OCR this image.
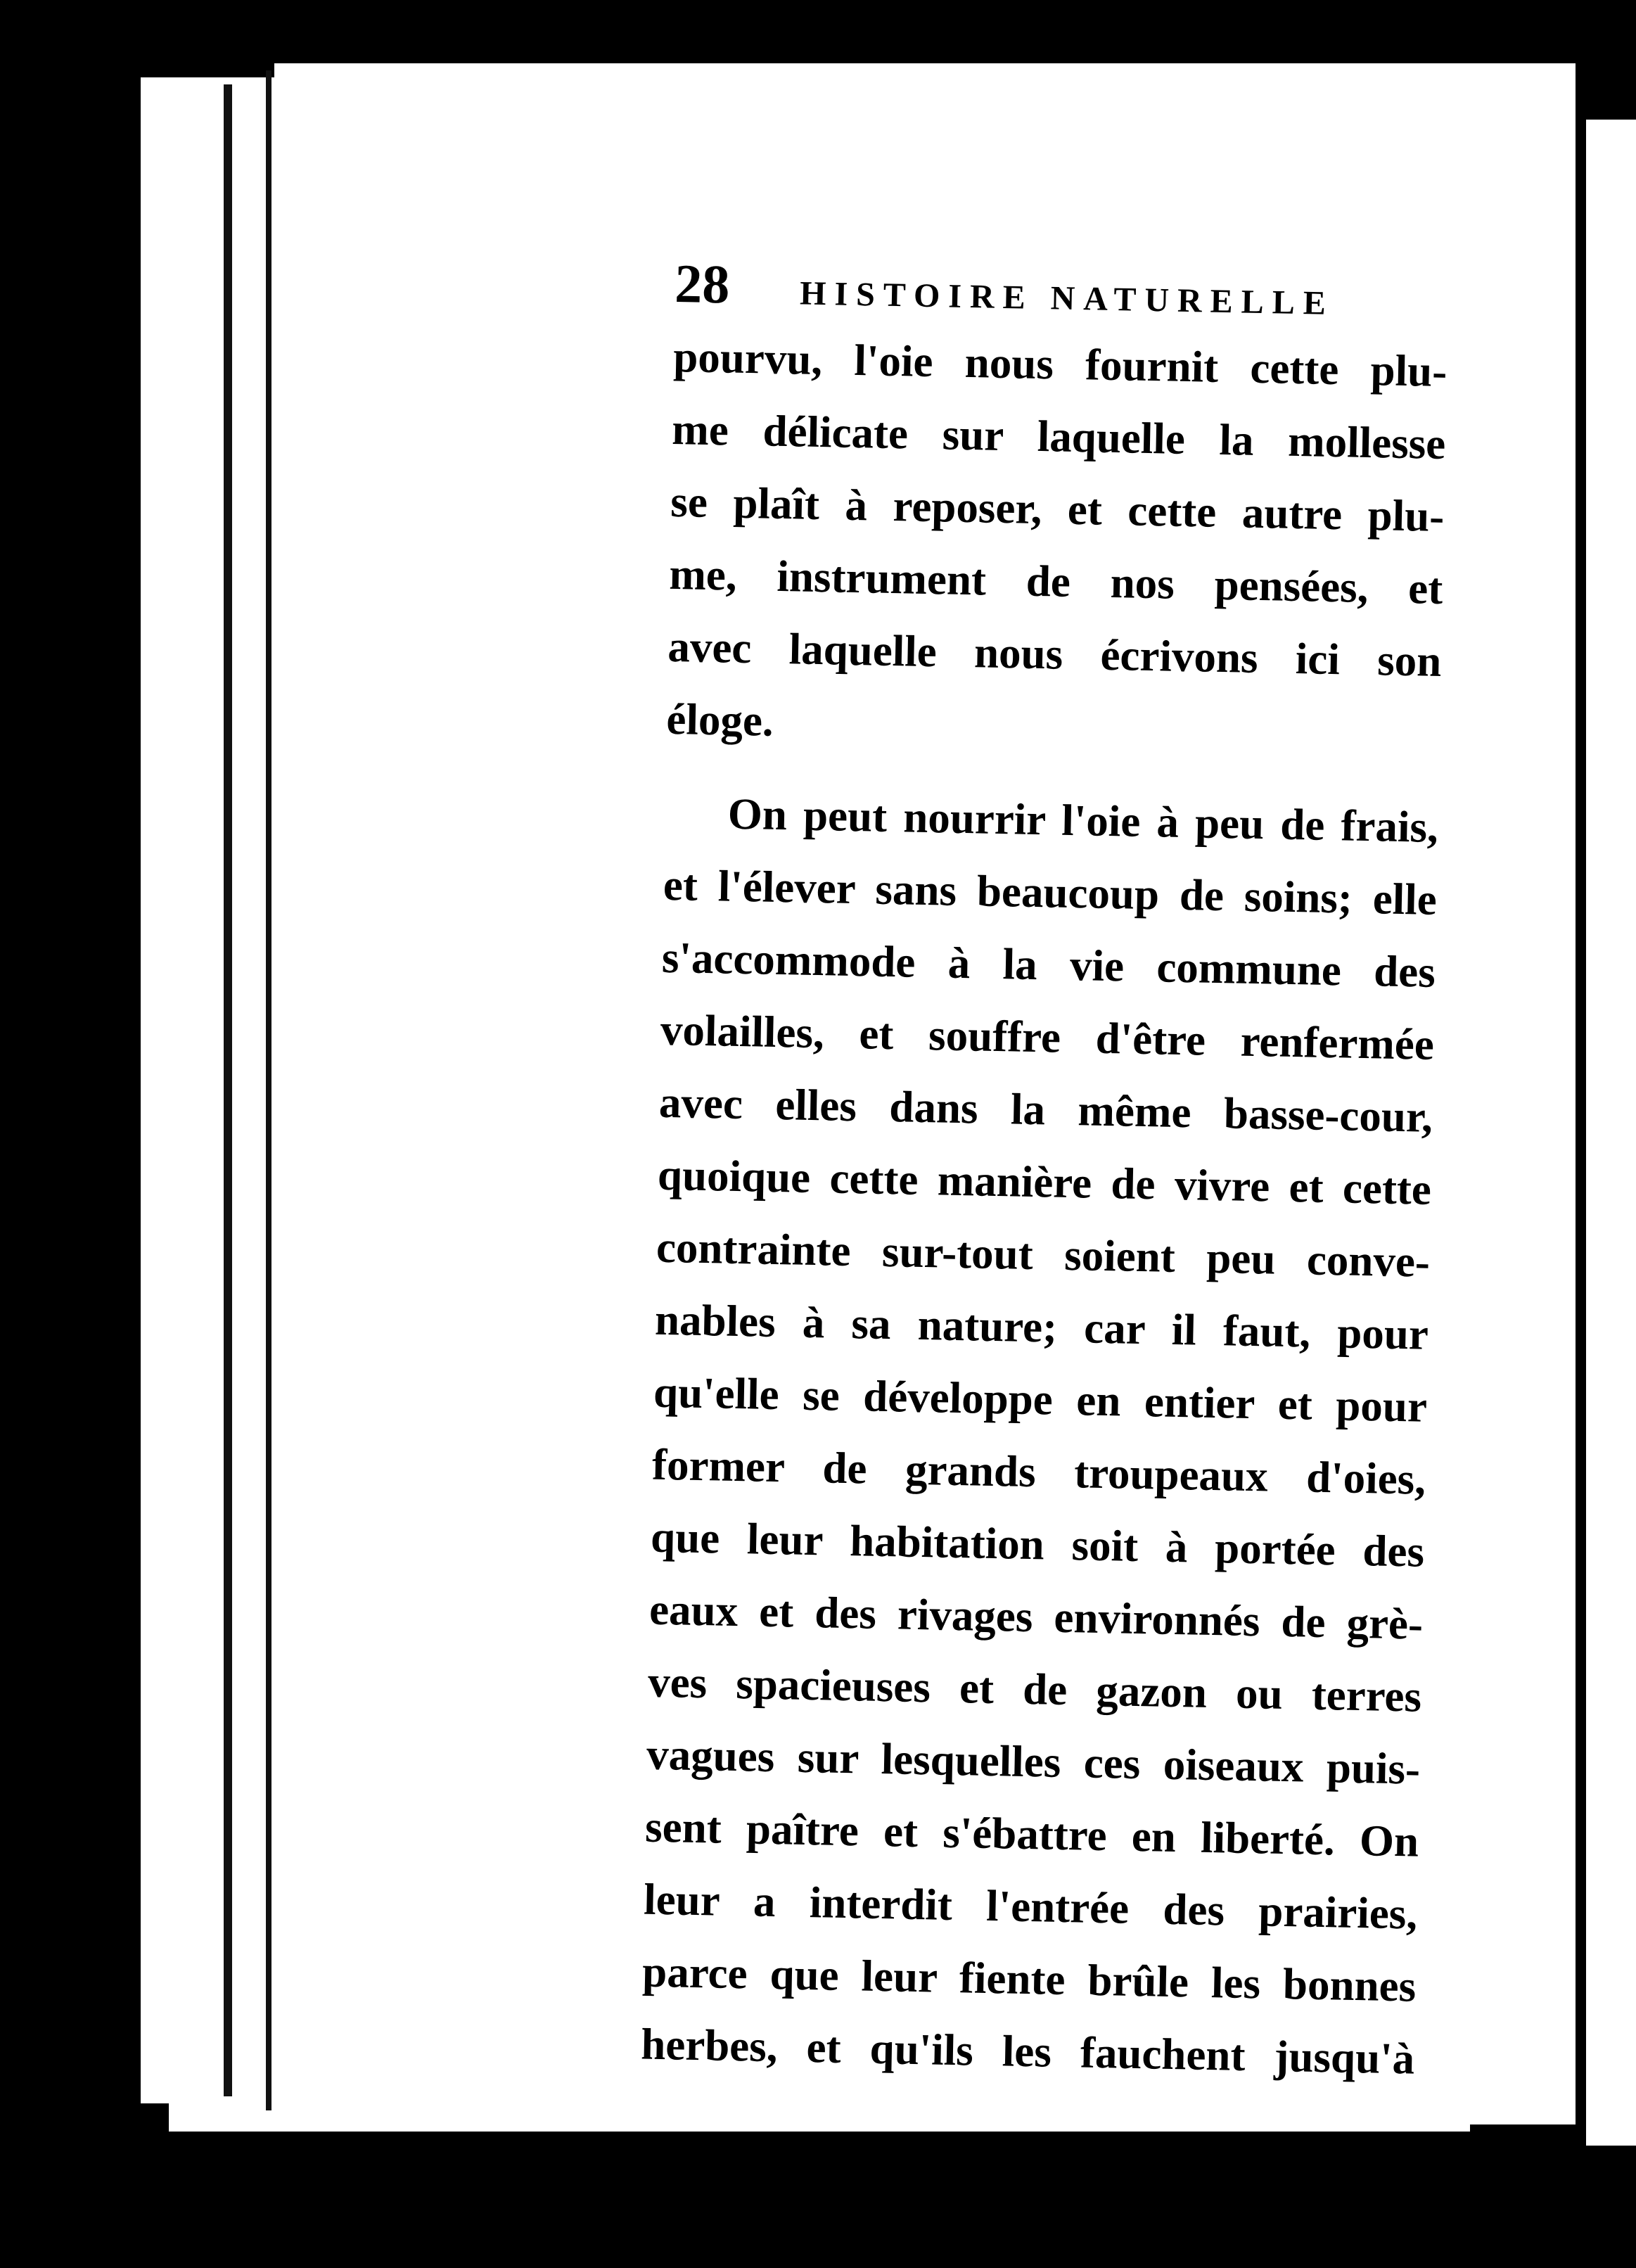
28 HISTOIRE NATURELLE
pourvu, l'oie nous fournit cette plu-
me délicate sur laquelle la mollesse
se plaît à reposer, et cette autre plu-
me, instrument de nos pensées, et
avec laquelle nous écrivons ici son
éloge.
On peut nourrir l'oie à peu de frais,
et l'élever sans beaucoup de soins; elle
s'accommode à la vie commune des
volailles, et souffre d'être renfermée
avec elles dans la même basse-cour,
quoique cette manière de vivre et cette
contrainte sur-tout soient peu conve-
nables à sa nature; car il faut, pour
qu'elle se développe en entier et pour
former de grands troupeaux d'oies,
que leur habitation soit à portée des
eaux et des rivages environnés de grè-
ves spacieuses et de gazon ou terres
vagues sur lesquelles ces oiseaux puis-
sent paître et s'ébattre en liberté. On
leur a interdit l'entrée des prairies,
parce que leur fiente brûle les bonnes
herbes, et qu'ils les fauchent jusqu'à
